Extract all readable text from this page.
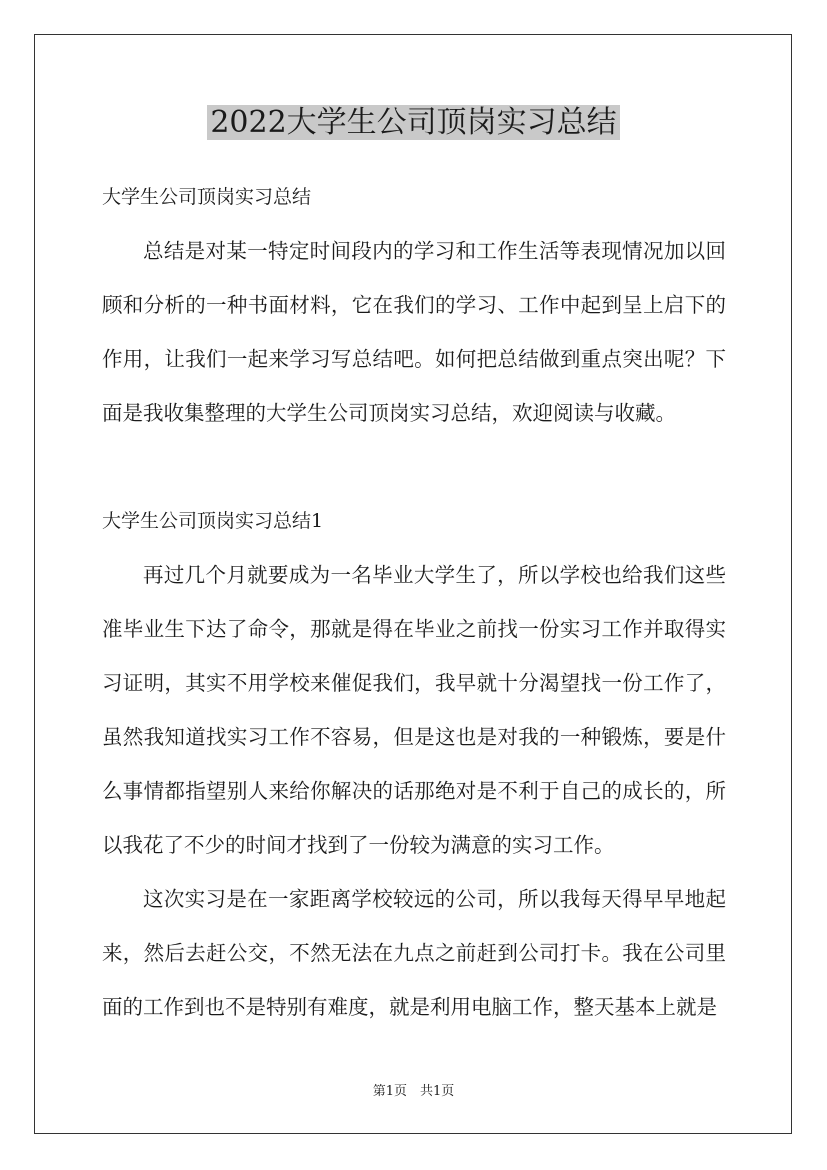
2022大学生公司顶岗实习总结

大学生公司顶岗实习总结

总结是对某一特定时间段内的学习和工作生活等表现情况加以回顾和分析的一种书面材料，它在我们的学习、工作中起到呈上启下的作用，让我们一起来学习写总结吧。如何把总结做到重点突出呢？下面是我收集整理的大学生公司顶岗实习总结，欢迎阅读与收藏。

大学生公司顶岗实习总结1

再过几个月就要成为一名毕业大学生了，所以学校也给我们这些准毕业生下达了命令，那就是得在毕业之前找一份实习工作并取得实习证明，其实不用学校来催促我们，我早就十分渴望找一份工作了，虽然我知道找实习工作不容易，但是这也是对我的一种锻炼，要是什么事情都指望别人来给你解决的话那绝对是不利于自己的成长的，所以我花了不少的时间才找到了一份较为满意的实习工作。

这次实习是在一家距离学校较远的公司，所以我每天得早早地起来，然后去赶公交，不然无法在九点之前赶到公司打卡。我在公司里面的工作到也不是特别有难度，就是利用电脑工作，整天基本上就是

第1页　共1页
